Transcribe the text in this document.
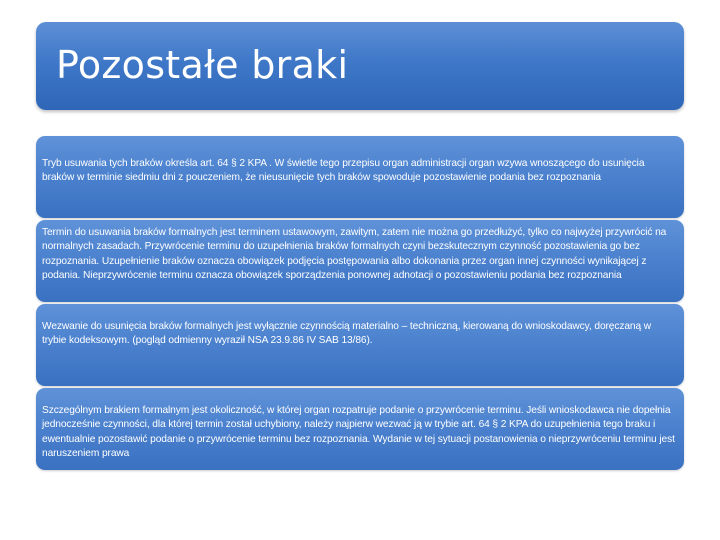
Pozostałe braki
Tryb usuwania tych braków określa art. 64 § 2 KPA . W świetle tego przepisu organ administracji organ wzywa wnoszącego do usunięcia braków w terminie siedmiu dni z pouczeniem, że nieusunięcie tych braków spowoduje pozostawienie podania bez rozpoznania
Termin do usuwania braków formalnych jest terminem ustawowym, zawitym, zatem nie można go przedłużyć, tylko co najwyżej przywrócić na normalnych zasadach. Przywrócenie terminu do uzupełnienia braków formalnych czyni bezskutecznym czynność pozostawienia go bez rozpoznania. Uzupełnienie braków oznacza obowiązek podjęcia postępowania albo dokonania przez organ innej czynności wynikającej z podania. Nieprzywrócenie terminu oznacza obowiązek sporządzenia ponownej adnotacji o pozostawieniu podania bez rozpoznania
Wezwanie do usunięcia braków formalnych jest wyłącznie czynnością materialno – techniczną, kierowaną do wnioskodawcy, doręczaną w trybie kodeksowym. (pogląd odmienny wyraził NSA 23.9.86 IV SAB 13/86).
Szczególnym brakiem formalnym jest okoliczność, w której organ rozpatruje podanie o przywrócenie terminu. Jeśli wnioskodawca nie dopełnia jednocześnie czynności, dla której termin został uchybiony, należy najpierw wezwać ją w trybie art. 64 § 2 KPA do uzupełnienia tego braku i ewentualnie pozostawić podanie o przywrócenie terminu bez rozpoznania. Wydanie w tej sytuacji postanowienia o nieprzywróceniu terminu jest naruszeniem prawa
